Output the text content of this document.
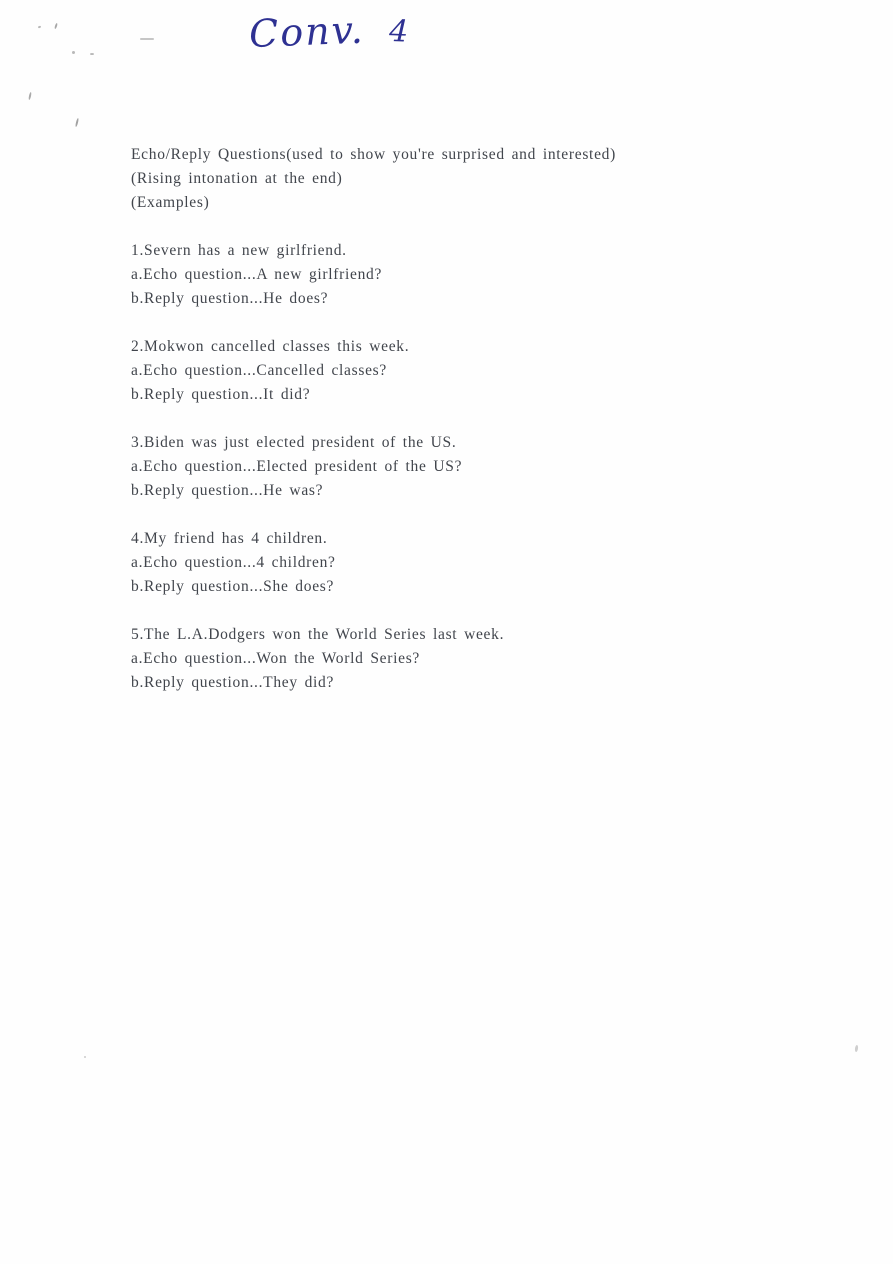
Conv. 4
Echo/Reply Questions(used to show you're surprised and interested)
(Rising intonation at the end)
(Examples)
1.Severn has a new girlfriend.
a.Echo question...A new girlfriend?
b.Reply question...He does?
2.Mokwon cancelled classes this week.
a.Echo question...Cancelled classes?
b.Reply question...It did?
3.Biden was just elected president of the US.
a.Echo question...Elected president of the US?
b.Reply question...He was?
4.My friend has 4 children.
a.Echo question...4 children?
b.Reply question...She does?
5.The L.A.Dodgers won the World Series last week.
a.Echo question...Won the World Series?
b.Reply question...They did?
